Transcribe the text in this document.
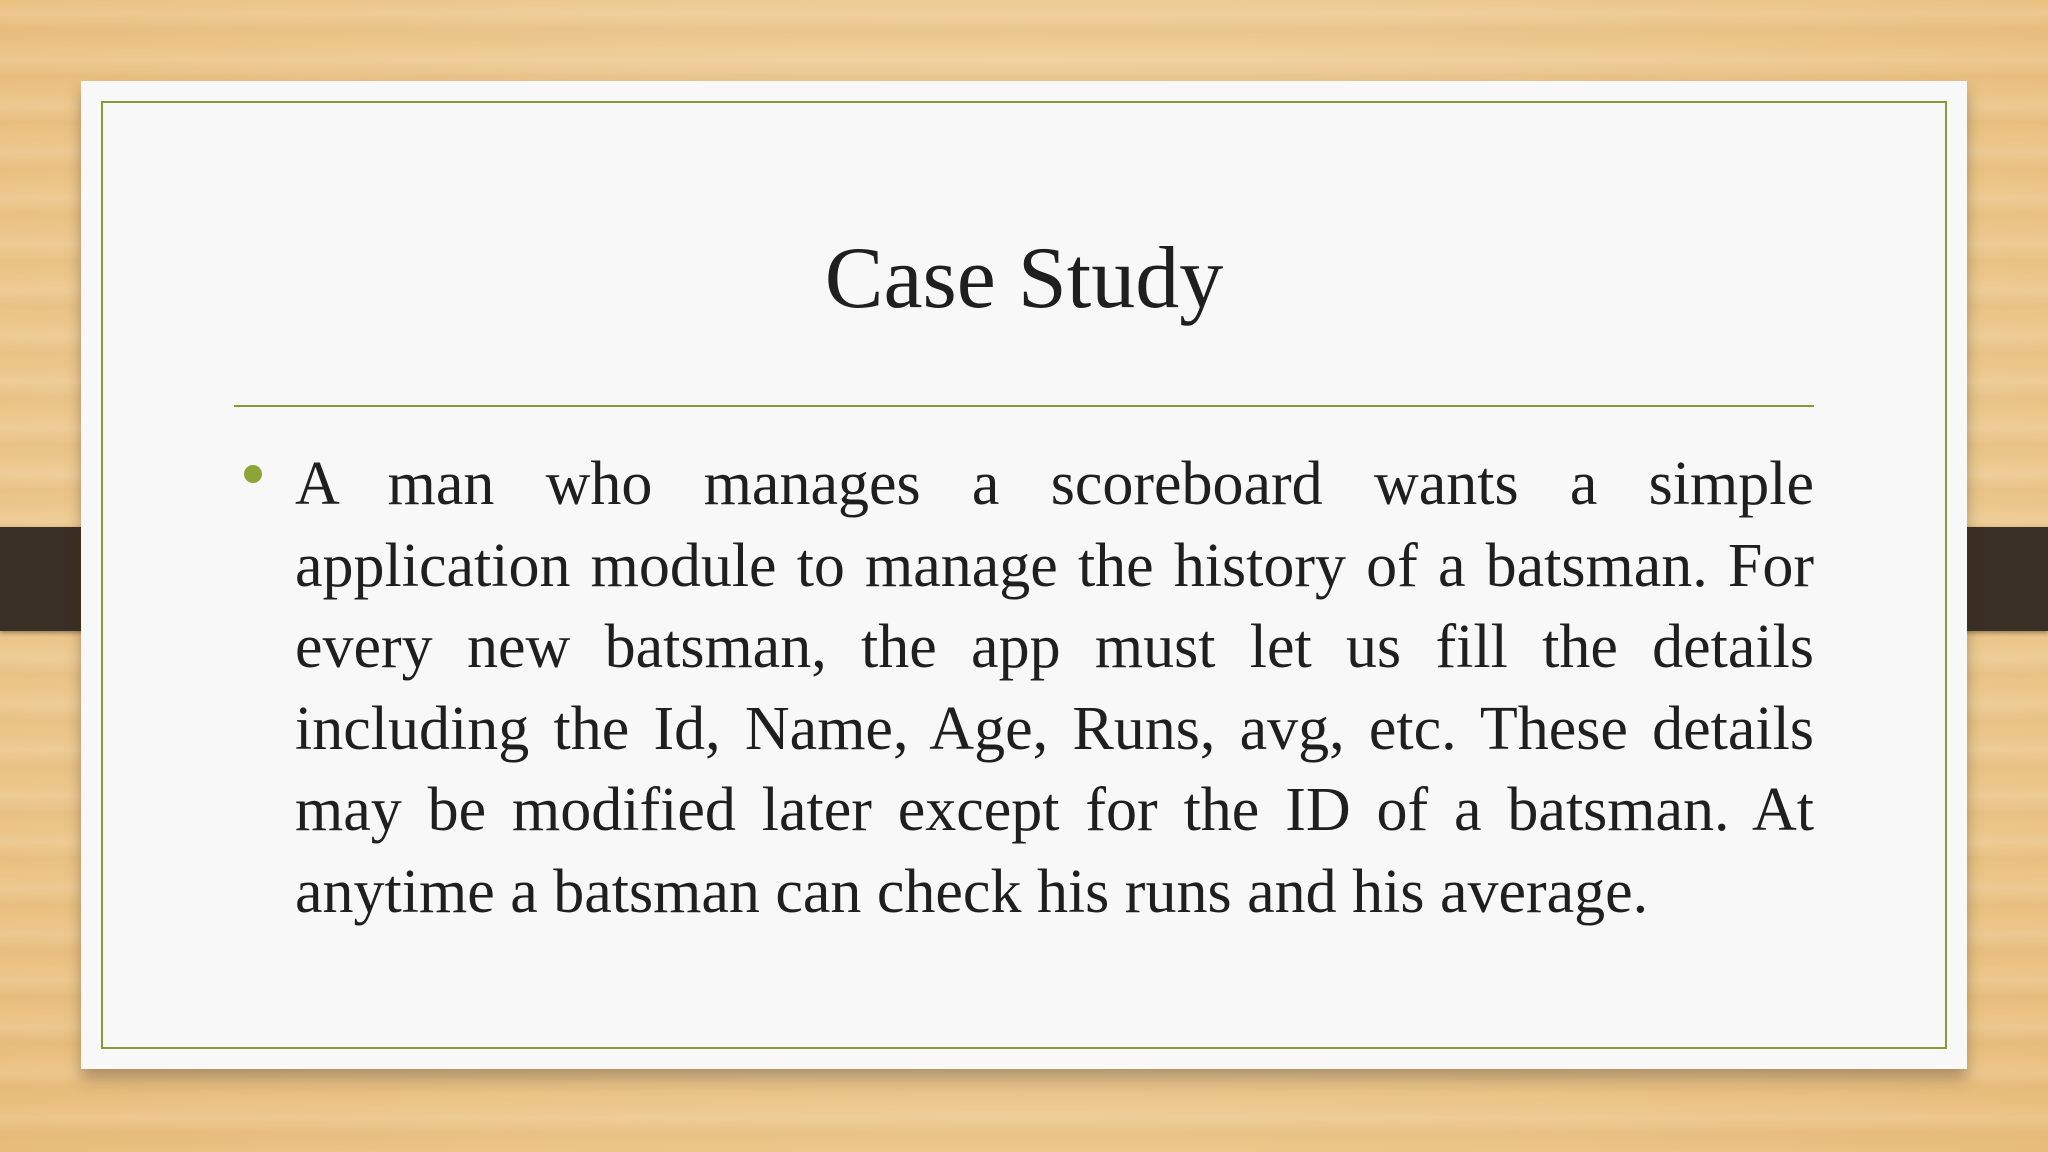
Case Study

A man who manages a scoreboard wants a simple application module to manage the history of a batsman. For every new batsman, the app must let us fill the details including the Id, Name, Age, Runs, avg, etc. These details may be modified later except for the ID of a batsman. At anytime a batsman can check his runs and his average.
